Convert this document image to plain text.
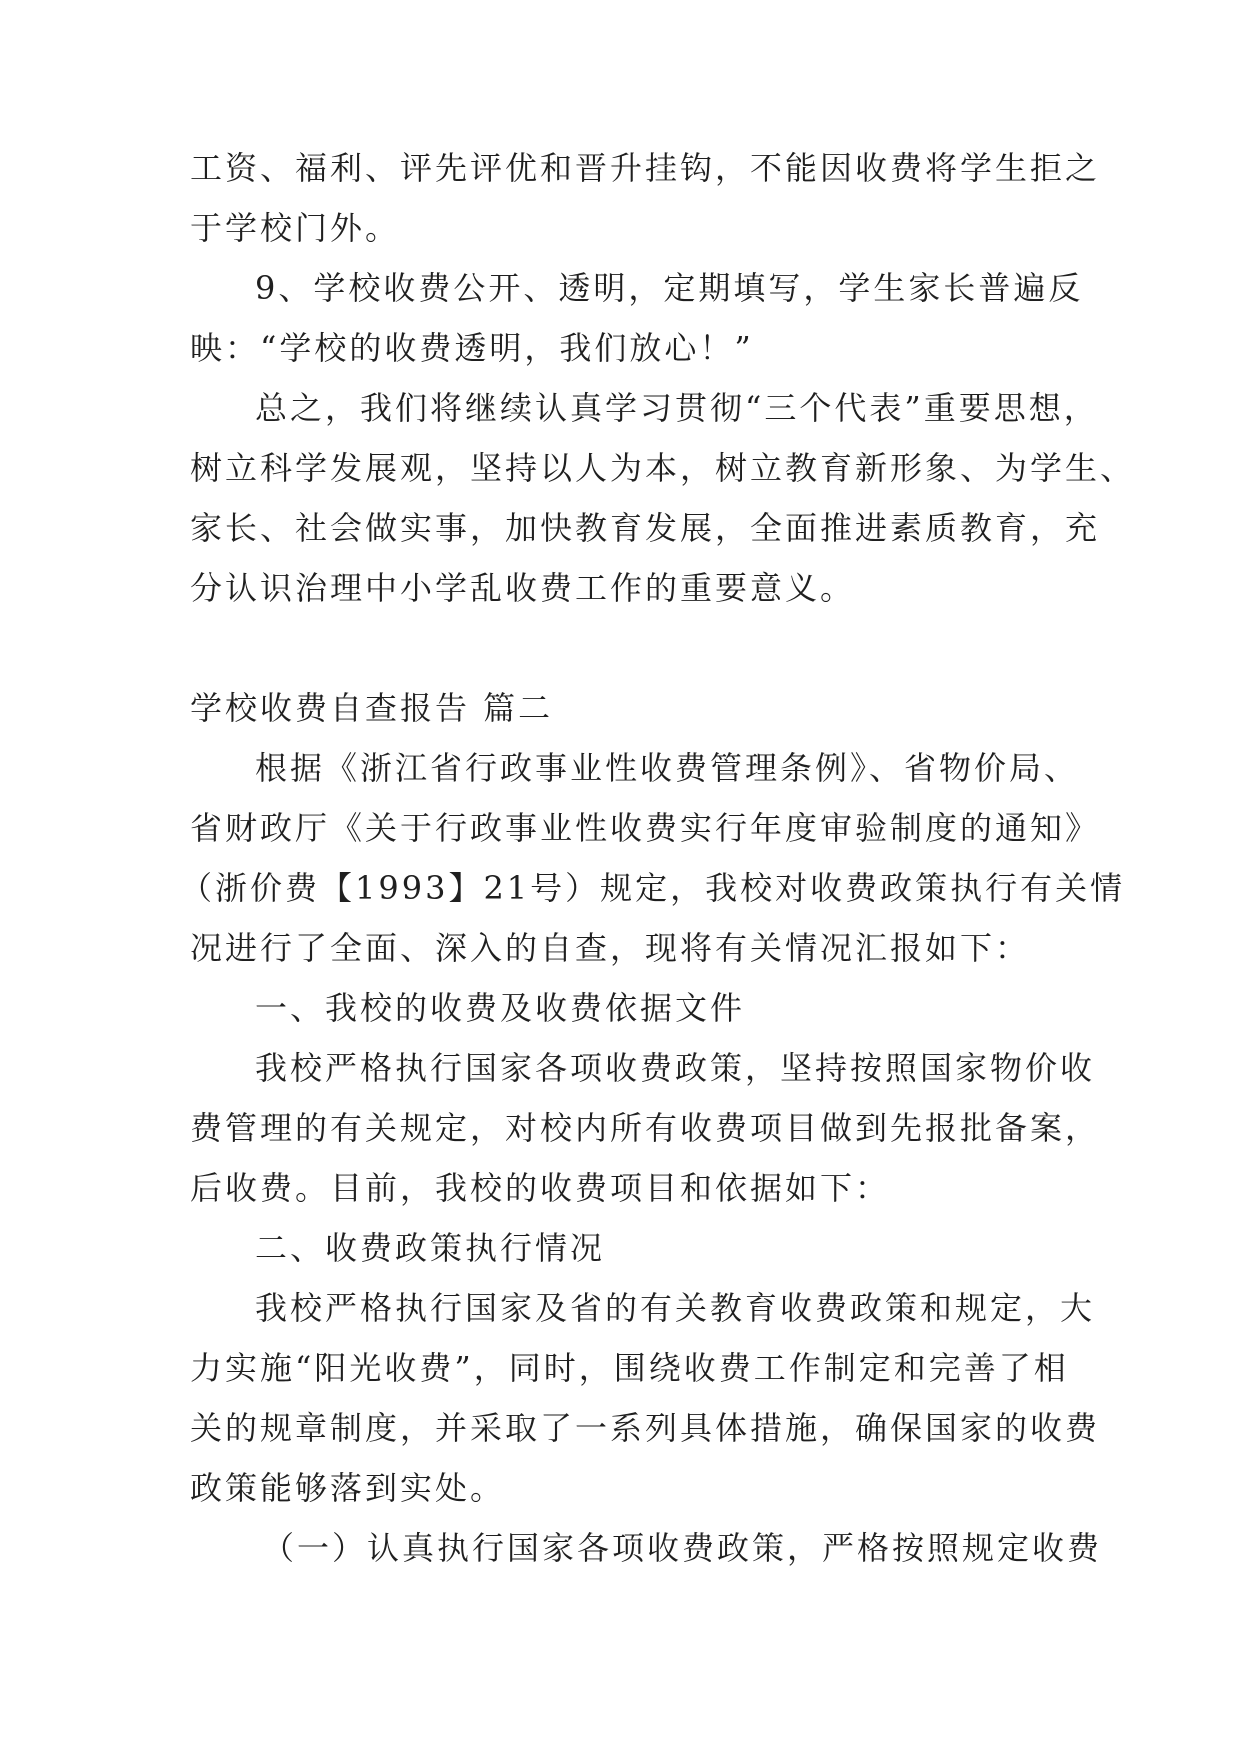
工资、福利、评先评优和晋升挂钩，不能因收费将学生拒之

于学校门外。

9、学校收费公开、透明，定期填写，学生家长普遍反

映：“学校的收费透明，我们放心！”

总之，我们将继续认真学习贯彻“三个代表”重要思想，

树立科学发展观，坚持以人为本，树立教育新形象、为学生、

家长、社会做实事，加快教育发展，全面推进素质教育，充

分认识治理中小学乱收费工作的重要意义。

学校收费自查报告 篇二

根据《浙江省行政事业性收费管理条例》、省物价局、

省财政厅《关于行政事业性收费实行年度审验制度的通知》

（浙价费【1993】21号）规定，我校对收费政策执行有关情

况进行了全面、深入的自查，现将有关情况汇报如下：

一、我校的收费及收费依据文件

我校严格执行国家各项收费政策，坚持按照国家物价收

费管理的有关规定，对校内所有收费项目做到先报批备案，

后收费。目前，我校的收费项目和依据如下：

二、收费政策执行情况

我校严格执行国家及省的有关教育收费政策和规定，大

力实施“阳光收费”，同时，围绕收费工作制定和完善了相

关的规章制度，并采取了一系列具体措施，确保国家的收费

政策能够落到实处。

（一）认真执行国家各项收费政策，严格按照规定收费
